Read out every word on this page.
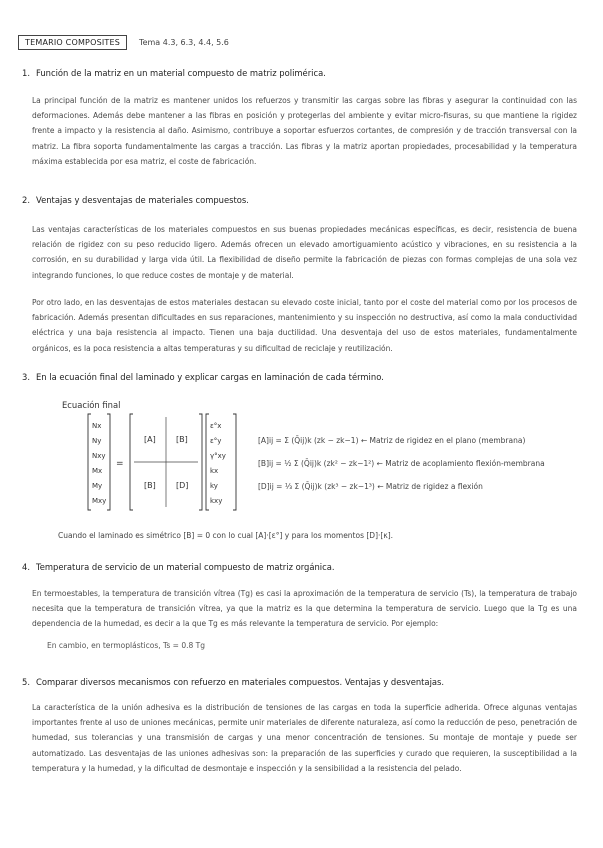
TEMARIO COMPOSITES	Tema 4.3, 6.3, 4.4, 5.6
1. Función de la matriz en un material compuesto de matriz polimérica.

La principal función de la matriz es mantener unidos los refuerzos y transmitir las cargas sobre las fibras y asegurar la continuidad con las deformaciones. Además debe mantener a las fibras en posición y protegerlas del ambiente y evitar micro-fisuras, su que mantiene la rigidez frente a impacto y la resistencia al daño. Asimismo, contribuye a soportar esfuerzos cortantes, de compresión y de tracción transversal con la matriz. La fibra soporta fundamentalmente las cargas a tracción. Las fibras y la matriz aportan propiedades, procesabilidad y la temperatura máxima establecida por esa matriz, el coste de fabricación.

2. Ventajas y desventajas de materiales compuestos.

Las ventajas características de los materiales compuestos en sus buenas propiedades mecánicas específicas, es decir, resistencia de buena relación de rigidez con su peso reducido ligero. Además ofrecen un elevado amortiguamiento acústico y vibraciones, en su resistencia a la corrosión, en su durabilidad y larga vida útil. La flexibilidad de diseño permite la fabricación de piezas con formas complejas de una sola vez integrando funciones, lo que reduce costes de montaje y de material.

Por otro lado, en las desventajas de estos materiales destacan su elevado coste inicial, tanto por el coste del material como por los procesos de fabricación. Además presentan dificultades en sus reparaciones, mantenimiento y su inspección no destructiva, así como la mala conductividad eléctrica y una baja resistencia al impacto. Tienen una baja ductilidad. Una desventaja del uso de estos materiales, fundamentalmente orgánicos, es la poca resistencia a altas temperaturas y su dificultad de reciclaje y reutilización.

3. En la ecuación final del laminado y explicar cargas en laminación de cada término.
Ecuación final
Nx
Ny
Nxy
Mx
My
Mxy
=
[A]	[B]
[B]	[D]
ε°x
ε°y
γ°xy
kx
ky
kxy
[A]ij = Σ (Q̄ij)k (zk − zk−1) ← Matriz de rigidez en el plano (membrana)
[B]ij = ½ Σ (Q̄ij)k (zk² − zk−1²) ← Matriz de acoplamiento flexión-membrana
[D]ij = ⅓ Σ (Q̄ij)k (zk³ − zk−1³) ← Matriz de rigidez a flexión
Cuando el laminado es simétrico [B] = 0 con lo cual [A]·[ε°] y para los momentos [D]·[κ].
4. Temperatura de servicio de un material compuesto de matriz orgánica.

En termoestables, la temperatura de transición vítrea (Tg) es casi la aproximación de la temperatura de servicio (Ts), la temperatura de trabajo necesita que la temperatura de transición vítrea, ya que la matriz es la que determina la temperatura de servicio. Luego que la Tg es una dependencia de la humedad, es decir a la que Tg es más relevante la temperatura de servicio. Por ejemplo:

En cambio, en termoplásticos, Ts = 0.8 Tg
5. Comparar diversos mecanismos con refuerzo en materiales compuestos. Ventajas y desventajas.

La característica de la unión adhesiva es la distribución de tensiones de las cargas en toda la superficie adherida. Ofrece algunas ventajas importantes frente al uso de uniones mecánicas, permite unir materiales de diferente naturaleza, así como la reducción de peso, penetración de humedad, sus tolerancias y una transmisión de cargas y una menor concentración de tensiones. Su montaje de montaje y puede ser automatizado. Las desventajas de las uniones adhesivas son: la preparación de las superficies y curado que requieren, la susceptibilidad a la temperatura y la humedad, y la dificultad de desmontaje e inspección y la sensibilidad a la resistencia del pelado.
